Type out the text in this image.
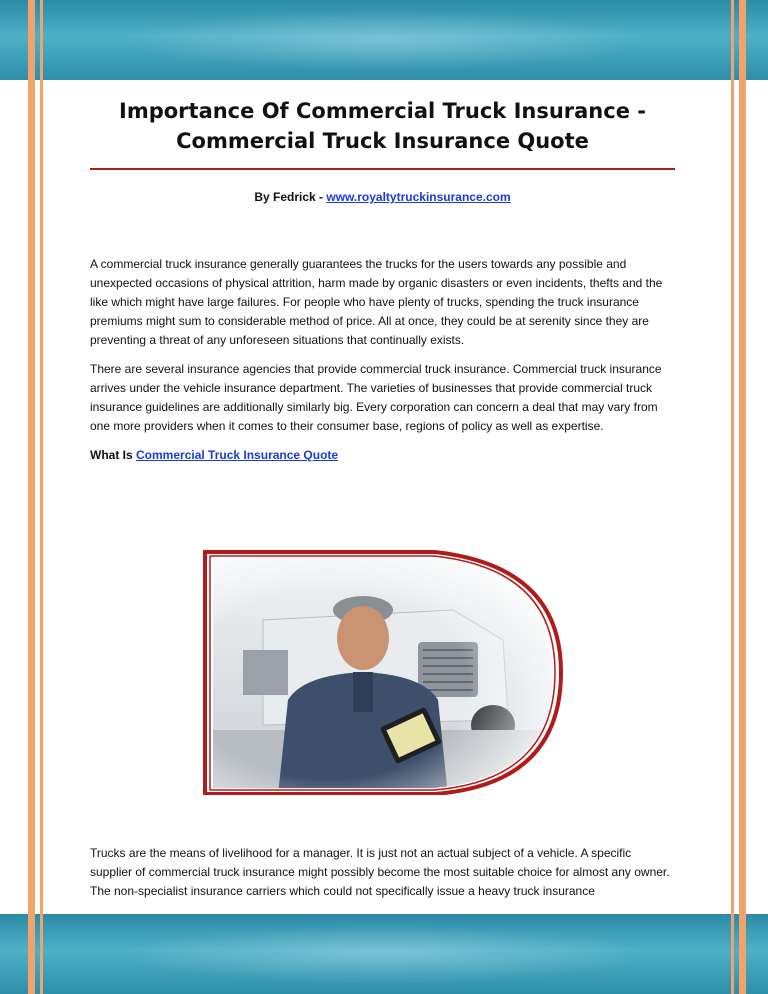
Importance Of Commercial Truck Insurance -
Commercial Truck Insurance Quote
By Fedrick - www.royaltytruckinsurance.com

A commercial truck insurance generally guarantees the trucks for the users towards any possible and unexpected occasions of physical attrition, harm made by organic disasters or even incidents, thefts and the like which might have large failures. For people who have plenty of trucks, spending the truck insurance premiums might sum to considerable method of price. All at once, they could be at serenity since they are preventing a threat of any unforeseen situations that continually exists.

There are several insurance agencies that provide commercial truck insurance. Commercial truck insurance arrives under the vehicle insurance department. The varieties of businesses that provide commercial truck insurance guidelines are additionally similarly big. Every corporation can concern a deal that may vary from one more providers when it comes to their consumer base, regions of policy as well as expertise.

What Is Commercial Truck Insurance Quote

Trucks are the means of livelihood for a manager. It is just not an actual subject of a vehicle. A specific supplier of commercial truck insurance might possibly become the most suitable choice for almost any owner. The non-specialist insurance carriers which could not specifically issue a heavy truck insurance
